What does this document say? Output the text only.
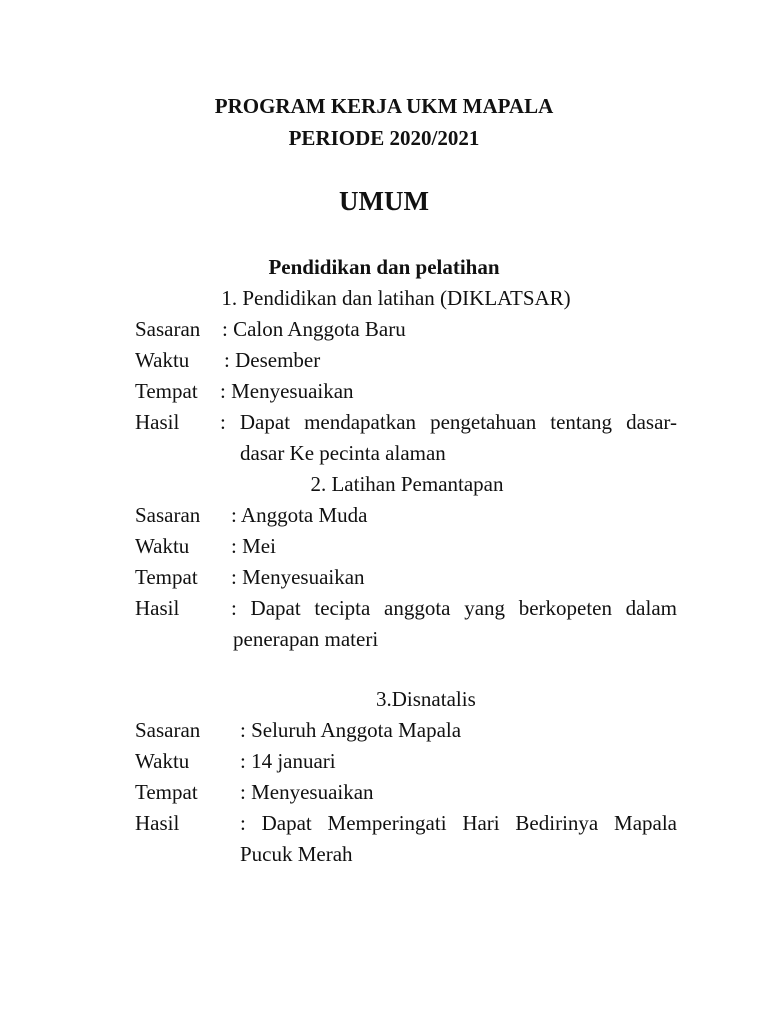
PROGRAM KERJA UKM MAPALA
PERIODE 2020/2021
UMUM
Pendidikan dan pelatihan
1. Pendidikan dan latihan (DIKLATSAR)
Sasaran : Calon Anggota Baru
Waktu : Desember
Tempat : Menyesuaikan
Hasil : Dapat mendapatkan pengetahuan tentang dasar-
dasar Ke pecinta alaman
2. Latihan Pemantapan
Sasaran : Anggota Muda
Waktu : Mei
Tempat : Menyesuaikan
Hasil : Dapat tecipta anggota yang berkopeten dalam
penerapan materi
3.Disnatalis
Sasaran : Seluruh Anggota Mapala
Waktu : 14 januari
Tempat : Menyesuaikan
Hasil	: Dapat Memperingati Hari Bedirinya Mapala
Pucuk Merah
